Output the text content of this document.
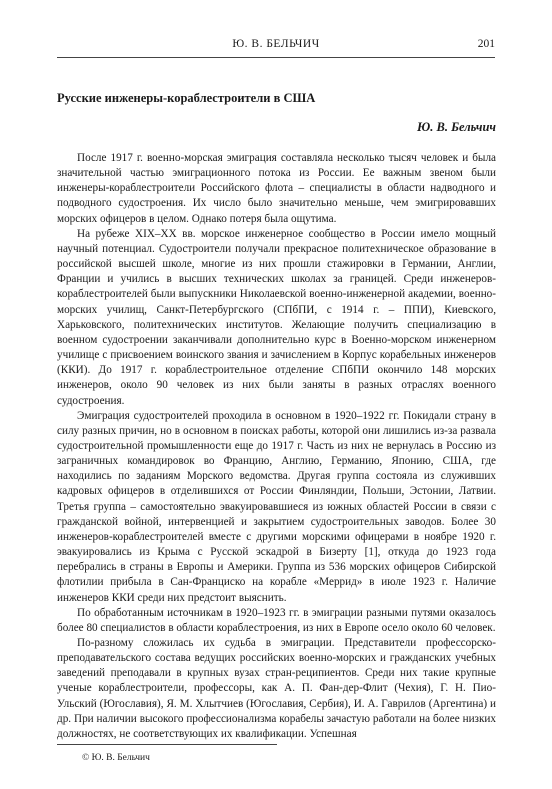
Ю. В. БЕЛЬЧИЧ	201
Русские инженеры-кораблестроители в США
Ю. В. Бельчич

После 1917 г. военно-морская эмиграция составляла несколько тысяч человек и была значительной частью эмиграционного потока из России. Ее важным звеном были инженеры-кораблестроители Российского флота – специалисты в области надводного и подводного судостроения. Их число было значительно меньше, чем эмигрировавших морских офицеров в целом. Однако потеря была ощутима.

На рубеже XIX–XX вв. морское инженерное сообщество в России имело мощный научный потенциал. Судостроители получали прекрасное политехническое образование в российской высшей школе, многие из них прошли стажировки в Германии, Англии, Франции и учились в высших технических школах за границей. Среди инженеров-кораблестроителей были выпускники Николаевской военно-инженерной академии, военно-морских училищ, Санкт-Петербургского (СПбПИ, с 1914 г. – ППИ), Киевского, Харьковского, политехнических институтов. Желающие получить специализацию в военном судостроении заканчивали дополнительно курс в Военно-морском инженерном училище с присвоением воинского звания и зачислением в Корпус корабельных инженеров (ККИ). До 1917 г. кораблестроительное отделение СПбПИ окончило 148 морских инженеров, около 90 человек из них были заняты в разных отраслях военного судостроения.

Эмиграция судостроителей проходила в основном в 1920–1922 гг. Покидали страну в силу разных причин, но в основном в поисках работы, которой они лишились из-за развала судостроительной промышленности еще до 1917 г. Часть из них не вернулась в Россию из заграничных командировок во Францию, Англию, Германию, Японию, США, где находились по заданиям Морского ведомства. Другая группа состояла из служивших кадровых офицеров в отделившихся от России Финляндии, Польши, Эстонии, Латвии. Третья группа – самостоятельно эвакуировавшиеся из южных областей России в связи с гражданской войной, интервенцией и закрытием судостроительных заводов. Более 30 инженеров-кораблестроителей вместе с другими морскими офицерами в ноябре 1920 г. эвакуировались из Крыма с Русской эскадрой в Бизерту [1], откуда до 1923 года перебрались в страны в Европы и Америки. Группа из 536 морских офицеров Сибирской флотилии прибыла в Сан-Франциско на корабле «Меррид» в июле 1923 г. Наличие инженеров ККИ среди них предстоит выяснить.

По обработанным источникам в 1920–1923 гг. в эмиграции разными путями оказалось более 80 специалистов в области кораблестроения, из них в Европе осело около 60 человек.

По-разному сложилась их судьба в эмиграции. Представители профессорско-преподавательского состава ведущих российских военно-морских и гражданских учебных заведений преподавали в крупных вузах стран-реципиентов. Среди них такие крупные ученые кораблестроители, профессоры, как А. П. Фан-дер-Флит (Чехия), Г. Н. Пио-Ульский (Югославия), Я. М. Хлытчиев (Югославия, Сербия), И. А. Гаврилов (Аргентина) и др. При наличии высокого профессионализма корабелы зачастую работали на более низких должностях, не соответствующих их квалификации. Успешная

© Ю. В. Бельчич
